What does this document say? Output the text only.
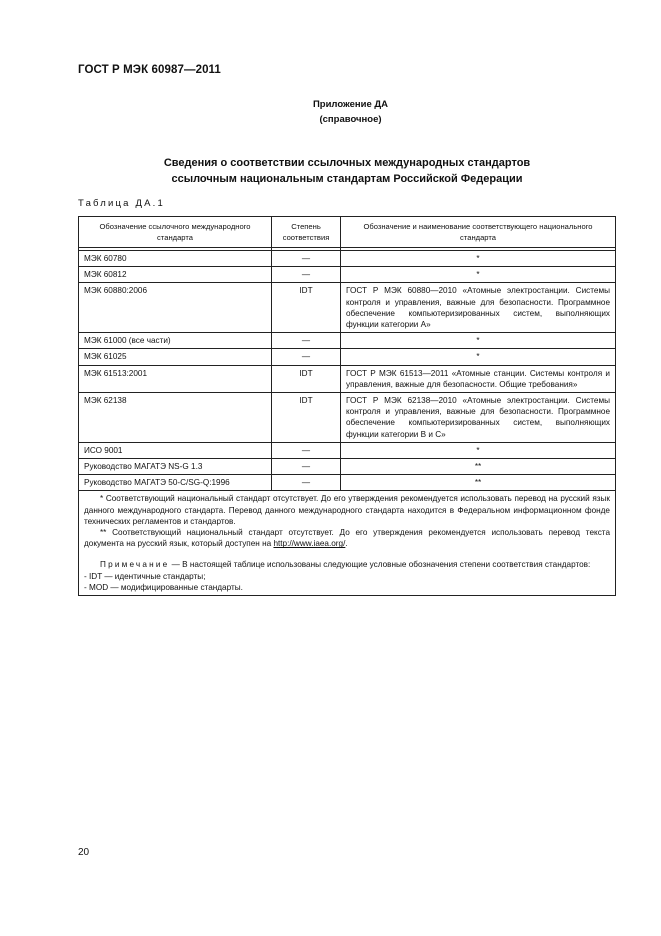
ГОСТ Р МЭК 60987—2011
Приложение ДА
(справочное)
Сведения о соответствии ссылочных международных стандартов
ссылочным национальным стандартам Российской Федерации
Таблица ДА.1
Обозначение ссылочного международного стандарта	Степень соответствия	Обозначение и наименование соответствующего национального стандарта

МЭК 60780	—	*
МЭК 60812	—	*
МЭК 60880:2006	IDT	ГОСТ Р МЭК 60880—2010 «Атомные электростанции. Системы контроля и управления, важные для безопасности. Программное обеспечение компьютеризированных систем, выполняющих функции категории А»
МЭК 61000 (все части)	—	*
МЭК 61025	—	*
МЭК 61513:2001	IDT	ГОСТ Р МЭК 61513—2011 «Атомные станции. Системы контроля и управления, важные для безопасности. Общие требования»
МЭК 62138	IDT	ГОСТ Р МЭК 62138—2010 «Атомные электростанции. Системы контроля и управления, важные для безопасности. Программное обеспечение компьютеризированных систем, выполняющих функции категории В и С»
ИСО 9001	—	*
Руководство МАГАТЭ NS-G 1.3	—	**
Руководство МАГАТЭ 50-C/SG-Q:1996	—	**

* Соответствующий национальный стандарт отсутствует. До его утверждения рекомендуется использовать перевод на русский язык данного международного стандарта. Перевод данного международного стандарта находится в Федеральном информационном фонде технических регламентов и стандартов.
** Соответствующий национальный стандарт отсутствует. До его утверждения рекомендуется использовать перевод текста документа на русский язык, который доступен на http://www.iaea.org/.
Примечание — В настоящей таблице использованы следующие условные обозначения степени соответствия стандартов:
- IDT — идентичные стандарты;
- MOD — модифицированные стандарты.		
20
